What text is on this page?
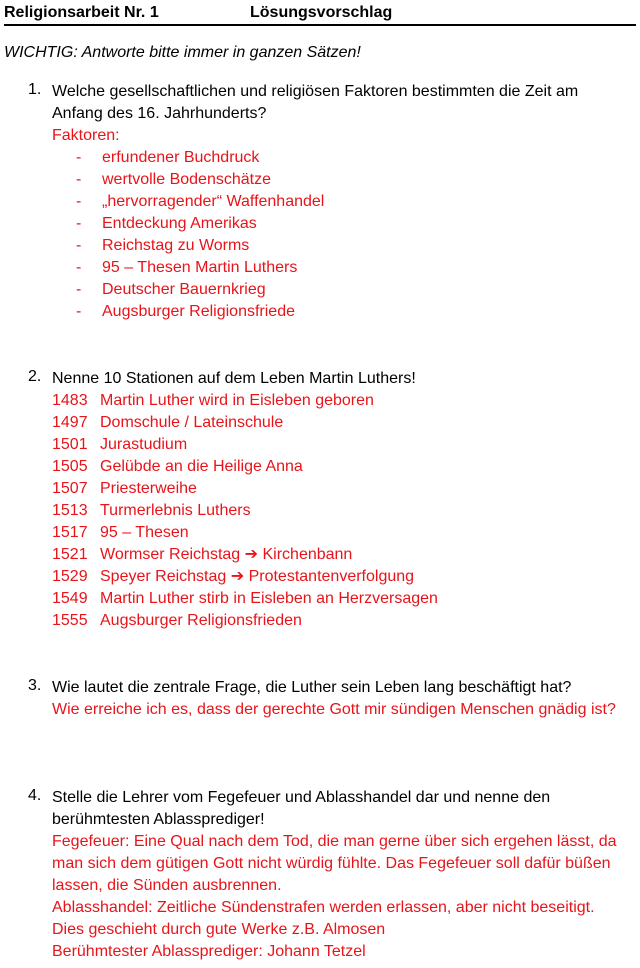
Religionsarbeit Nr. 1	Lösungsvorschlag
WICHTIG: Antworte bitte immer in ganzen Sätzen!
1. Welche gesellschaftlichen und religiösen Faktoren bestimmten die Zeit am Anfang des 16. Jahrhunderts?
Faktoren:
- erfundener Buchdruck
- wertvolle Bodenschätze
- „hervorragender“ Waffenhandel
- Entdeckung Amerikas
- Reichstag zu Worms
- 95 – Thesen Martin Luthers
- Deutscher Bauernkrieg
- Augsburger Religionsfriede
2. Nenne 10 Stationen auf dem Leben Martin Luthers!
1483 Martin Luther wird in Eisleben geboren
1497 Domschule / Lateinschule
1501 Jurastudium
1505 Gelübde an die Heilige Anna
1507 Priesterweihe
1513 Turmerlebnis Luthers
1517 95 – Thesen
1521 Wormser Reichstag ➔ Kirchenbann
1529 Speyer Reichstag ➔ Protestantenverfolgung
1549 Martin Luther stirb in Eisleben an Herzversagen
1555 Augsburger Religionsfrieden
3. Wie lautet die zentrale Frage, die Luther sein Leben lang beschäftigt hat?
Wie erreiche ich es, dass der gerechte Gott mir sündigen Menschen gnädig ist?
4. Stelle die Lehrer vom Fegefeuer und Ablasshandel dar und nenne den berühmtesten Ablassprediger!
Fegefeuer: Eine Qual nach dem Tod, die man gerne über sich ergehen lässt, da man sich dem gütigen Gott nicht würdig fühlte. Das Fegefeuer soll dafür büßen lassen, die Sünden ausbrennen.
Ablasshandel: Zeitliche Sündenstrafen werden erlassen, aber nicht beseitigt. Dies geschieht durch gute Werke z.B. Almosen
Berühmtester Ablassprediger: Johann Tetzel
